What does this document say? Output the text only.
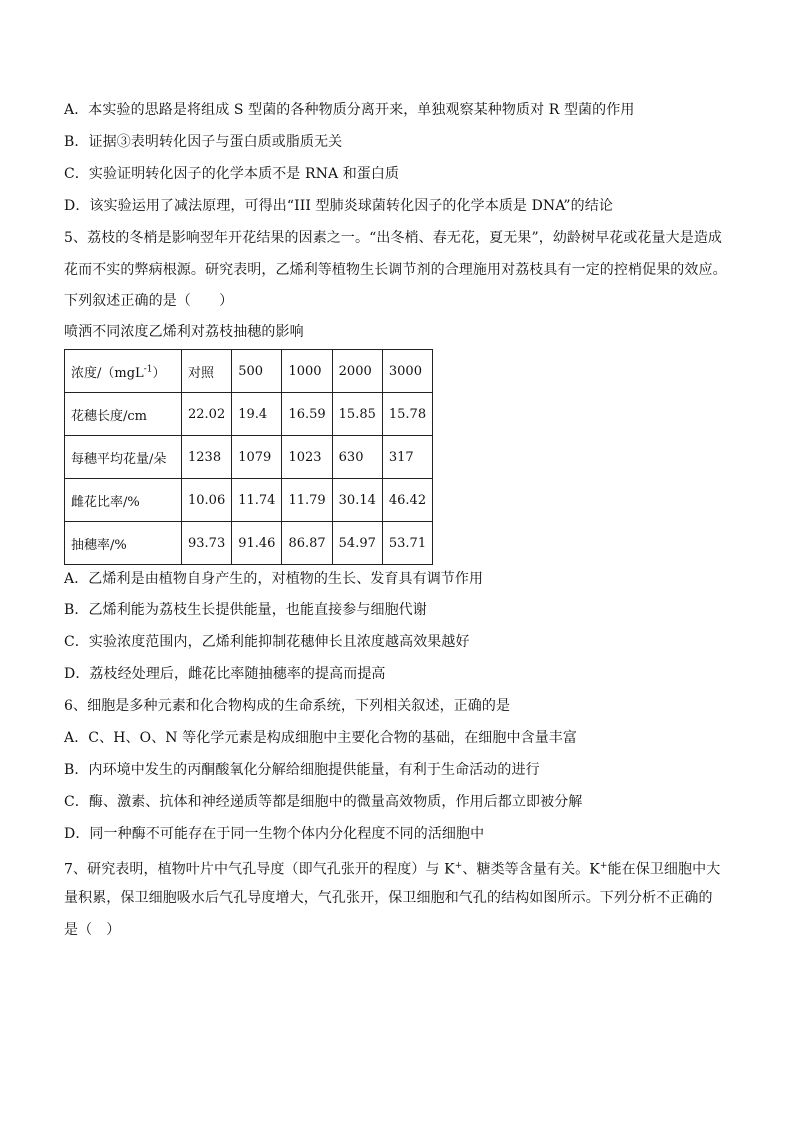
A．本实验的思路是将组成 S 型菌的各种物质分离开来，单独观察某种物质对 R 型菌的作用
B．证据③表明转化因子与蛋白质或脂质无关
C．实验证明转化因子的化学本质不是 RNA 和蛋白质
D．该实验运用了减法原理，可得出“III 型肺炎球菌转化因子的化学本质是 DNA”的结论
5、荔枝的冬梢是影响翌年开花结果的因素之一。“出冬梢、春无花，夏无果”，幼龄树早花或花量大是造成
花而不实的弊病根源。研究表明，乙烯利等植物生长调节剂的合理施用对荔枝具有一定的控梢促果的效应。
下列叙述正确的是（　　）
喷洒不同浓度乙烯利对荔枝抽穗的影响
浓度/（mgL$^{-1}$）	对照	500	1000	2000	3000
花穗长度/cm	22.02	19.4	16.59	15.85	15.78
每穗平均花量/朵	1238	1079	1023	630	317
雌花比率/%	10.06	11.74	11.79	30.14	46.42
抽穗率/%	93.73	91.46	86.87	54.97	53.71
A．乙烯利是由植物自身产生的，对植物的生长、发育具有调节作用
B．乙烯利能为荔枝生长提供能量，也能直接参与细胞代谢
C．实验浓度范围内，乙烯利能抑制花穗伸长且浓度越高效果越好
D．荔枝经处理后，雌花比率随抽穗率的提高而提高
6、细胞是多种元素和化合物构成的生命系统，下列相关叙述，正确的是
A．C、H、O、N 等化学元素是构成细胞中主要化合物的基础，在细胞中含量丰富
B．内环境中发生的丙酮酸氧化分解给细胞提供能量，有利于生命活动的进行
C．酶、激素、抗体和神经递质等都是细胞中的微量高效物质，作用后都立即被分解
D．同一种酶不可能存在于同一生物个体内分化程度不同的活细胞中
7、研究表明，植物叶片中气孔导度（即气孔张开的程度）与 K+、糖类等含量有关。K+能在保卫细胞中大
量积累，保卫细胞吸水后气孔导度增大，气孔张开，保卫细胞和气孔的结构如图所示。下列分析不正确的
是（　）
